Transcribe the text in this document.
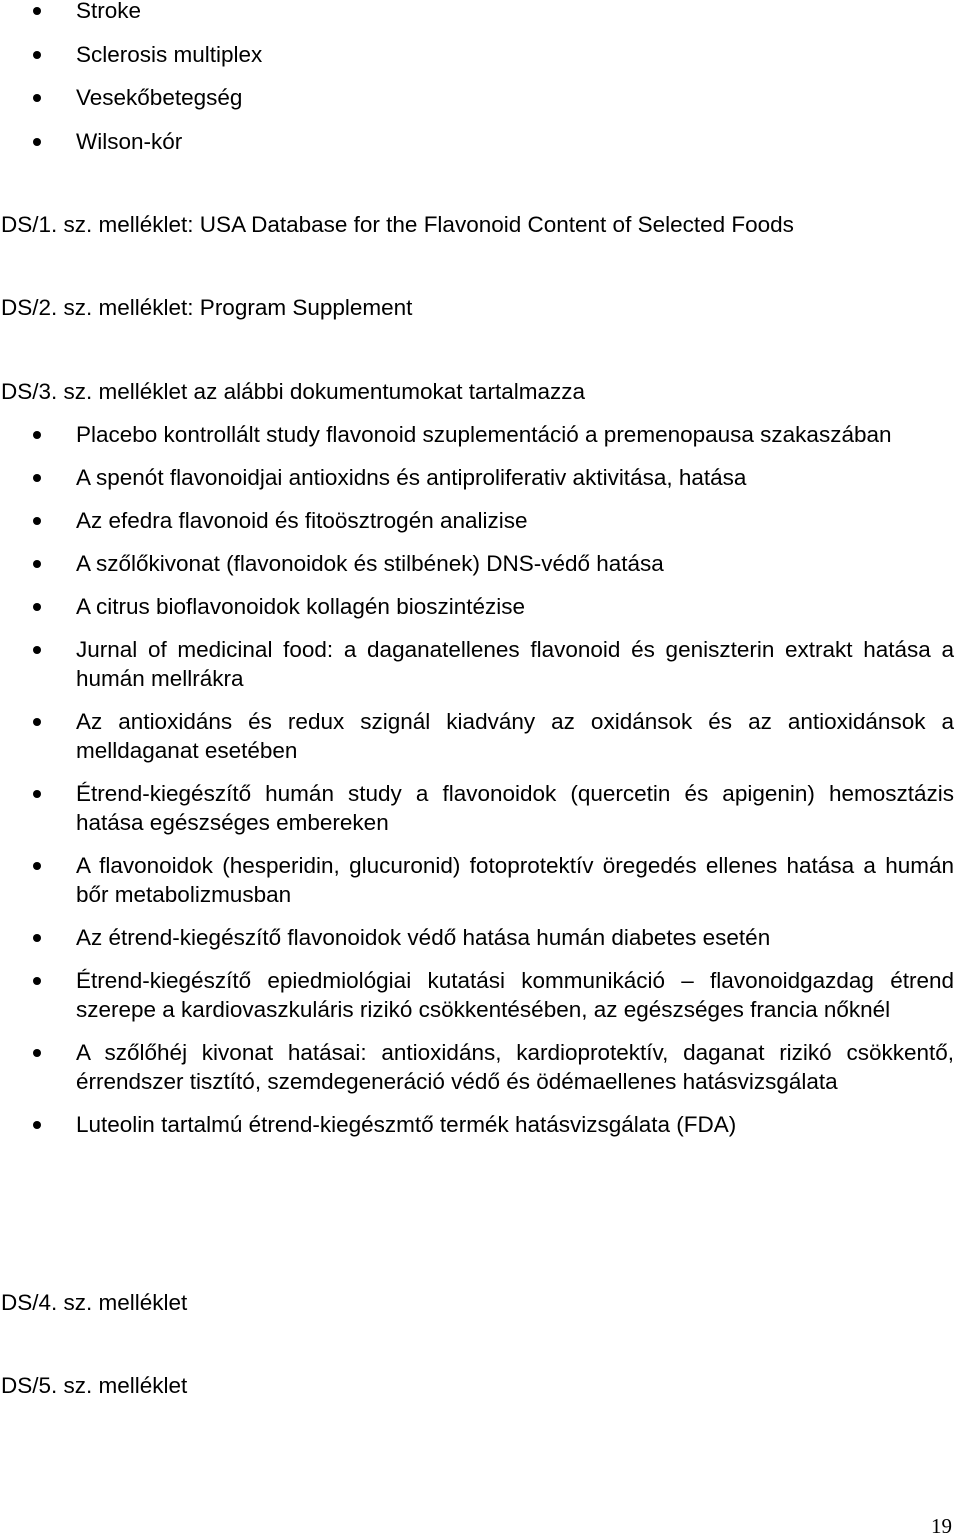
Stroke
Sclerosis multiplex
Vesekőbetegség
Wilson-kór

DS/1. sz. melléklet: USA Database for the Flavonoid Content of Selected Foods

DS/2. sz. melléklet: Program Supplement

DS/3. sz. melléklet az alábbi dokumentumokat tartalmazza

Placebo kontrollált study flavonoid szuplementáció a premenopausa szakaszában
A spenót flavonoidjai antioxidns és antiproliferativ aktivitása, hatása
Az efedra flavonoid és fitoösztrogén analizise
A szőlőkivonat (flavonoidok és stilbének) DNS-védő hatása
A citrus bioflavonoidok kollagén bioszintézise
Jurnal of medicinal food: a daganatellenes flavonoid és geniszterin extrakt hatása a humán mellrákra
Az antioxidáns és redux szignál kiadvány az oxidánsok és az antioxidánsok a melldaganat esetében
Étrend-kiegészítő humán study a flavonoidok (quercetin és apigenin) hemosztázis hatása egészséges embereken
A flavonoidok (hesperidin, glucuronid) fotoprotektív öregedés ellenes hatása a humán bőr metabolizmusban
Az étrend-kiegészítő flavonoidok védő hatása humán diabetes esetén
Étrend-kiegészítő epiedmiológiai kutatási kommunikáció – flavonoidgazdag étrend szerepe a kardiovaszkuláris rizikó csökkentésében, az egészséges francia nőknél
A szőlőhéj kivonat hatásai: antioxidáns, kardioprotektív, daganat rizikó csökkentő, érrendszer tisztító, szemdegeneráció védő és ödémaellenes hatásvizsgálata
Luteolin tartalmú étrend-kiegészmtő termék hatásvizsgálata (FDA)

DS/4. sz. melléklet

DS/5. sz. melléklet

19
